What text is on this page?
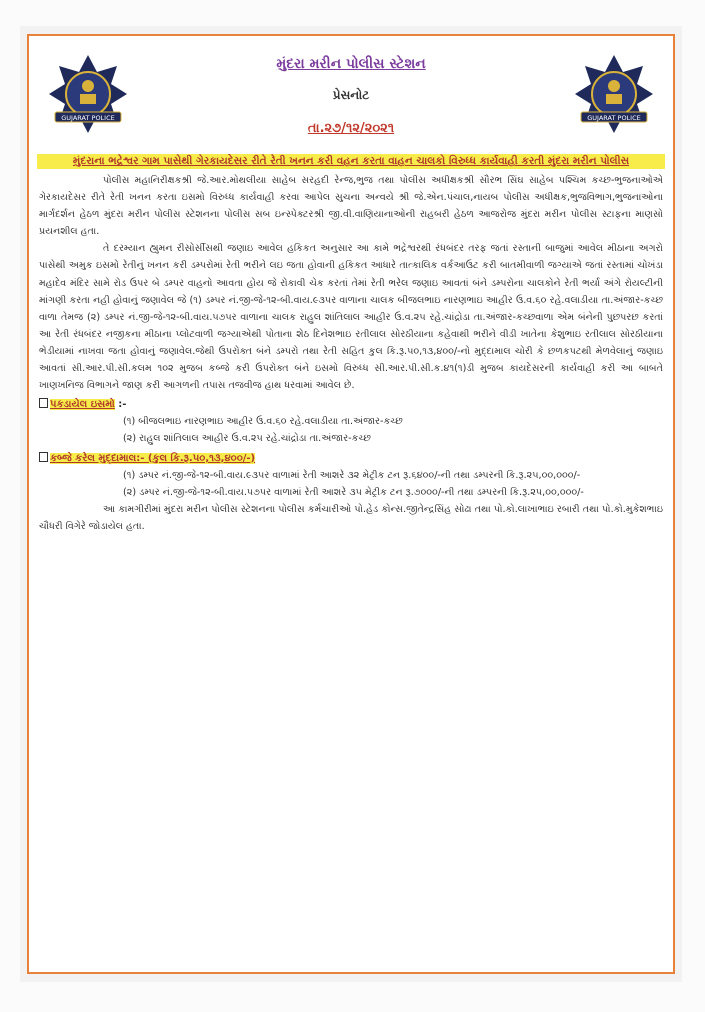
GUJARAT POLICE	GUJARAT POLICE
મુંદરા મરીન પોલીસ સ્ટેશન
પ્રેસનોટ
તા.૨૭/૧૨/૨૦૨૧
મુંદરાના ભદ્રેશ્વર ગામ પાસેથી ગેરકાયદેસર રીતે રેતી ખનન કરી વહન કરતા વાહન ચાલકો વિરુધ્ધ કાર્યવાહી કરતી મુંદરા મરીન પોલીસ

પોલીસ મહાનિરીક્ષકશ્રી જે.આર.મોથલીયા સાહેબ સરહદી રેન્જ,ભુજ તથા પોલીસ અધીક્ષકશ્રી સૌરભ સિંઘ સાહેબ પશ્ચિમ કચ્છ-ભુજનાઓએ ગેરકાયદેસર રીતે રેતી ખનન કરતા ઇસમો વિરુધ્ધ કાર્યવાહી કરવા આપેલ સુચના અન્વયે શ્રી જે.એન.પંચાલ,નાયબ પોલીસ અધીક્ષક,ભુજવિભાગ,ભુજનાઓના માર્ગદર્શન હેઠળ મુંદરા મરીન પોલીસ સ્ટેશનના પોલીસ સબ ઇન્સ્પેક્ટરશ્રી જી.વી.વાણિયાનાઓની રાહબરી હેઠળ આજરોજ મુંદરા મરીન પોલીસ સ્ટાફના માણસો પ્રયનશીલ હતા.

તે દરમ્યાન હ્યુમન રીસોર્સીસથી જણાઇ આવેલ હકિકત અનુસાર આ કામે ભદ્રેશ્વરથી રંધબંદર તરફ જતાં રસ્તાની બાજુમાં આવેલ મીઠાના અગરો પાસેથી અમુક ઇસમો રેતીનું ખનન કરી ડમ્પરોમાં રેતી ભરીને લઇ જતા હોવાની હકિકત આધારે તાત્કાલિક વર્કઆઉટ કરી બાતમીવાળી જગ્યાએ જતાં રસ્તામાં ચોખંડા મહાદેવ મંદિર સામે રોડ ઉપર બે ડમ્પર વાહનો આવતા હોય જે રોકાવી ચેક કરતાં તેમાં રેતી ભરેલ જણાઇ આવતાં બંને ડમ્પરોના ચાલકોને રેતી ભર્યા અંગે રોયલ્ટીની માંગણી કરતા નહી હોવાનું જણાવેલ જે (૧) ડમ્પર નં.જી-જે-૧૨-બી.વાય.૯૩૫ર વાળાના ચાલક બીજલભાઇ નારણભાઇ આહીર ઉ.વ.૬૦ રહે.વલાડીયા તા.અંજાર-કચ્છ વાળા તેમજ (૨) ડમ્પર નં.જી-જે-૧૨-બી.વાય.૫૭૫ર વાળાના ચાલક રાહુલ શાંતિલાલ આહીર ઉ.વ.૨૫ રહે.ચાંદ્રોડા તા.અંજાર-કચ્છવાળા એમ બંનેની પુછપરછ કરતાં આ રેતી રંધબંદર નજીકના મીઠાના પ્લોટવાળી જગ્યાએથી પોતાના શેઠ દિનેશભાઇ રતીલાલ સોરઠીયાના કહેવાથી ભરીને વીડી ખાતેના કેશુભાઇ રતીલાલ સોરઠીયાના ભેડીયામાં નાખવા જતા હોવાનું જણાવેલ.જેથી ઉપરોક્ત બંને ડમ્પરો તથા રેતી સહિત કુલ કિ.રૂ.૫૦,૧૩,૪૦૦/-નો મુદ્દામાલ ચોરી કે છળકપટથી મેળવેલાનું જણાઇ આવતાં સી.આર.પી.સી.કલમ ૧૦૨ મુજબ કબ્જે કરી ઉપરોક્ત બંને ઇસમો વિરુધ્ધ સી.આર.પી.સી.ક.૪૧(૧)ડી મુજબ કાયદેસરની કાર્યવાહી કરી આ બાબતે ખાણખનિજ વિભાગને જાણ કરી આગળની તપાસ તજવીજ હાથ ધરવામાં આવેલ છે.

પકડાયેલ ઇસમો :-

(૧) બીજલભાઇ નારણભાઇ આહીર ઉ.વ.૬૦ રહે.વલાડીયા તા.અંજાર-કચ્છ

(૨) રાહુલ શાંતિલાલ આહીર ઉ.વ.૨૫ રહે.ચાંદ્રોડા તા.અંજાર-કચ્છ

કબ્જે કરેલ મુદ્દામાલ:- (કુલ કિ.રૂ.૫૦,૧૩,૪૦૦/-)

(૧) ડમ્પર નં.જી-જે-૧૨-બી.વાય.૯૩૫ર વાળામાં રેતી આશરે ૩૨ મેટ્રીક ટન રૂ.૬૪૦૦/-ની તથા ડમ્પરની કિ.રૂ.૨૫,૦૦,૦૦૦/-

(૨) ડમ્પર નં.જી-જે-૧૨-બી.વાય.૫૭૫ર વાળામાં રેતી આશરે ૩૫ મેટ્રીક ટન રૂ.૭૦૦૦/-ની તથા ડમ્પરની કિ.રૂ.૨૫,૦૦,૦૦૦/-

આ કામગીરીમાં મુંદરા મરીન પોલીસ સ્ટેશનના પોલીસ કર્મચારીઓ પો.હેડ કોન્સ.જીતેન્દ્રસિંહ સોઢા તથા પો.કો.લાખાભાઇ રબારી તથા પો.કો.મુકેશભાઇ ચૌધરી વિગેરે જોડાયેલ હતા.
